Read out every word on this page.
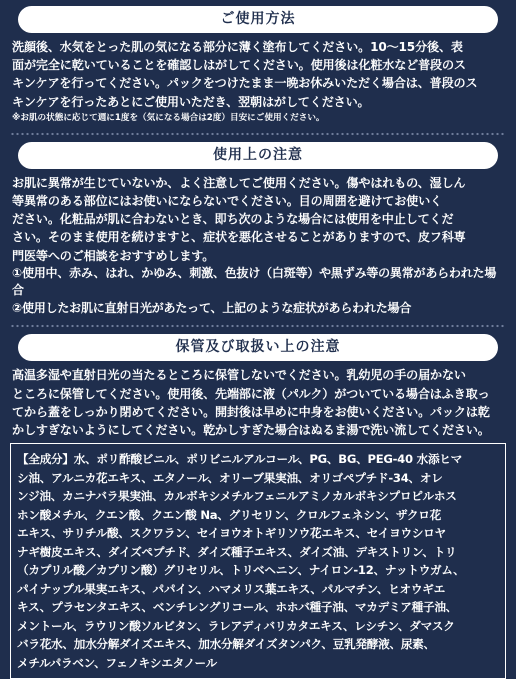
ご使用方法

洗顔後、水気をとった肌の気になる部分に薄く塗布してください。10〜15分後、表
面が完全に乾いていることを確認しはがしてください。使用後は化粧水など普段のス
キンケアを行ってください。パックをつけたまま一晩お休みいただく場合は、普段のス
キンケアを行ったあとにご使用いただき、翌朝はがしてください。

※お肌の状態に応じて週に1度を（気になる場合は2度）目安にご使用ください。

使用上の注意

お肌に異常が生じていないか、よく注意してご使用ください。傷やはれもの、湿しん
等異常のある部位にはお使いにならないでください。目の周囲を避けてお使いく
ださい。化粧品が肌に合わないとき、即ち次のような場合には使用を中止してくだ
さい。そのまま使用を続けますと、症状を悪化させることがありますので、皮フ科専
門医等へのご相談をおすすめします。

①使用中、赤み、はれ、かゆみ、刺激、色抜け（白斑等）や黒ずみ等の異常があらわれた場合
②使用したお肌に直射日光があたって、上記のような症状があらわれた場合
保管及び取扱い上の注意

高温多湿や直射日光の当たるところに保管しないでください。乳幼児の手の届かない
ところに保管してください。使用後、先端部に液（パルク）がついている場合はふき取っ
てから蓋をしっかり閉めてください。開封後は早めに中身をお使いください。パックは乾
かしすぎないようにしてください。乾かしすぎた場合はぬるま湯で洗い流してください。

【全成分】水、ポリ酢酸ビニル、ポリビニルアルコール、PG、BG、PEG-40 水添ヒマ
シ油、アルニカ花エキス、エタノール、オリーブ果実油、オリゴペプチド-34、オレ
ンジ油、カニナバラ果実油、カルボキシメチルフェニルアミノカルボキシプロピルホス
ホン酸メチル、クエン酸、クエン酸 Na、グリセリン、クロルフェネシン、ザクロ花
エキス、サリチル酸、スクワラン、セイヨウオトギリソウ花エキス、セイヨウシロヤ
ナギ樹皮エキス、ダイズペプチド、ダイズ種子エキス、ダイズ油、デキストリン、トリ
（カプリル酸／カプリン酸）グリセリル、トリベヘニン、ナイロン-12、ナットウガム、
パイナップル果実エキス、パパイン、ハマメリス葉エキス、パルマチン、ヒオウギエ
キス、プラセンタエキス、ベンチレングリコール、ホホバ種子油、マカデミア種子油、
メントール、ラウリン酸ソルビタン、ラレアディバリカタエキス、レシチン、ダマスク
バラ花水、加水分解ダイズエキス、加水分解ダイズタンパク、豆乳発酵液、尿素、
メチルパラベン、フェノキシエタノール
